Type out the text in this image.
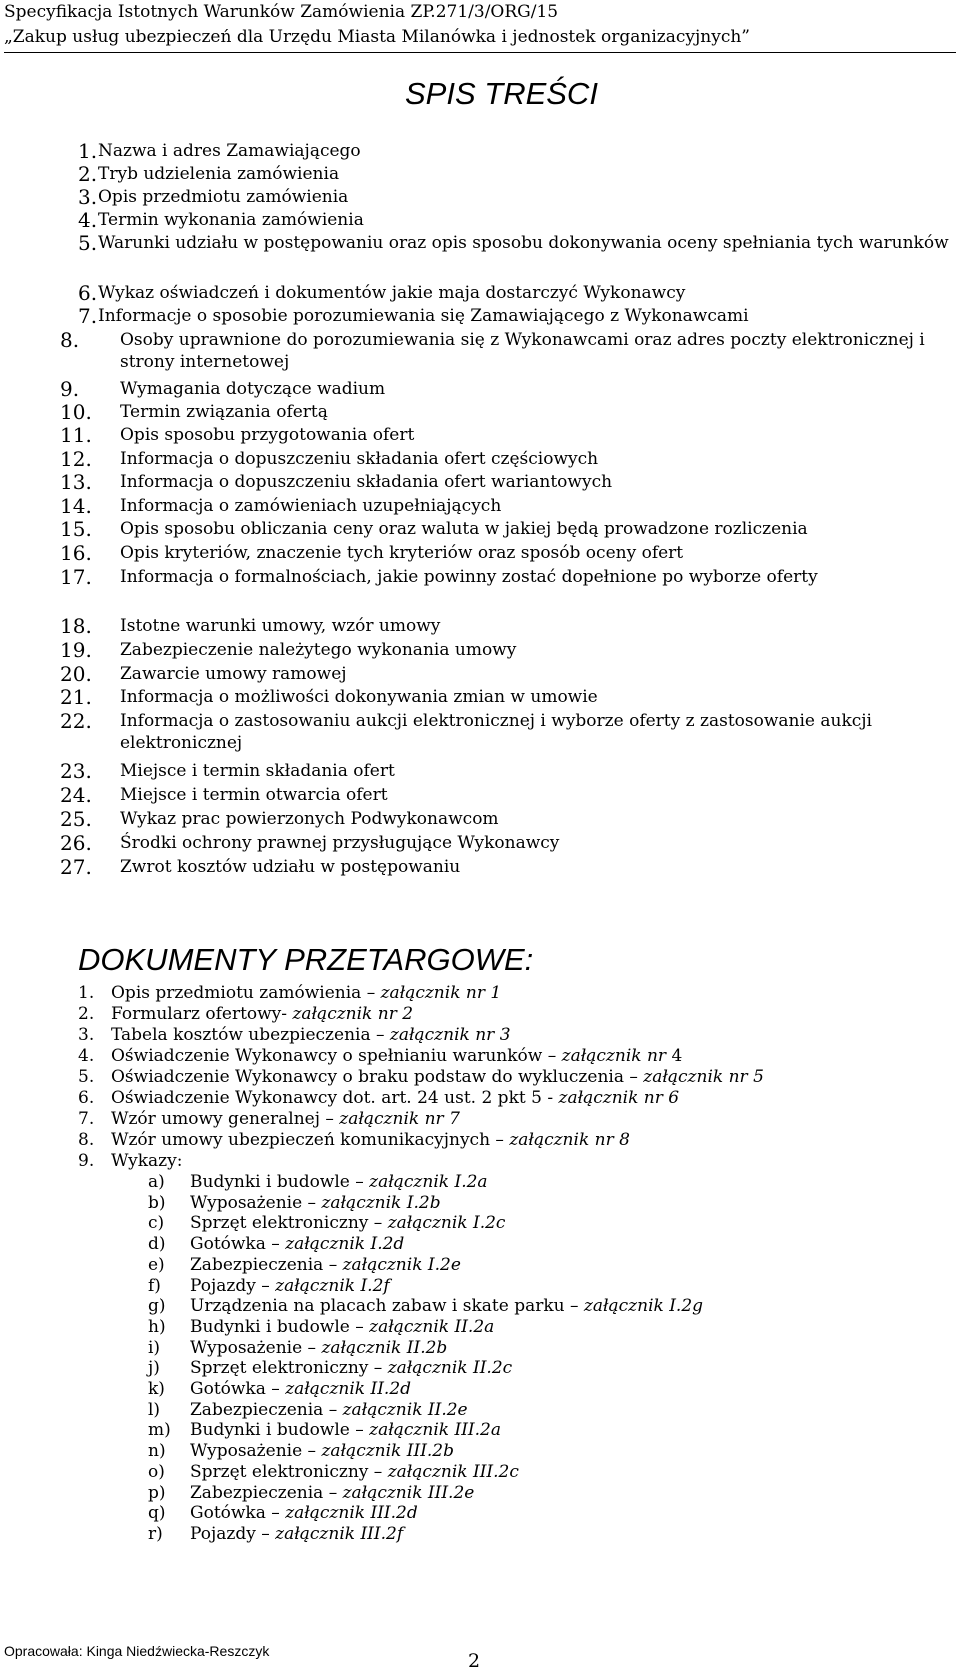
Specyfikacja Istotnych Warunków Zamówienia ZP.271/3/ORG/15
„Zakup usług ubezpieczeń dla Urzędu Miasta Milanówka i jednostek organizacyjnych”
SPIS TREŚCI
1. Nazwa i adres Zamawiającego
2. Tryb udzielenia zamówienia
3. Opis przedmiotu zamówienia
4. Termin wykonania zamówienia
5. Warunki udziału w postępowaniu oraz opis sposobu dokonywania oceny spełniania tych warunków
6. Wykaz oświadczeń i dokumentów jakie maja dostarczyć Wykonawcy
7. Informacje o sposobie porozumiewania się Zamawiającego z Wykonawcami
8. Osoby uprawnione do porozumiewania się z Wykonawcami oraz adres poczty elektronicznej i strony internetowej
9. Wymagania dotyczące wadium
10. Termin związania ofertą
11. Opis sposobu przygotowania ofert
12. Informacja o dopuszczeniu składania ofert częściowych
13. Informacja o dopuszczeniu składania ofert wariantowych
14. Informacja o zamówieniach uzupełniających
15. Opis sposobu obliczania ceny oraz waluta w jakiej będą prowadzone rozliczenia
16. Opis kryteriów, znaczenie tych kryteriów oraz sposób oceny ofert
17. Informacja o formalnościach, jakie powinny zostać dopełnione po wyborze oferty
18. Istotne warunki umowy, wzór umowy
19. Zabezpieczenie należytego wykonania umowy
20. Zawarcie umowy ramowej
21. Informacja o możliwości dokonywania zmian w umowie
22. Informacja o zastosowaniu aukcji elektronicznej i wyborze oferty z zastosowanie aukcji elektronicznej
23. Miejsce i termin składania ofert
24. Miejsce i termin otwarcia ofert
25. Wykaz prac powierzonych Podwykonawcom
26. Środki ochrony prawnej przysługujące Wykonawcy
27. Zwrot kosztów udziału w postępowaniu
DOKUMENTY PRZETARGOWE:
1. Opis przedmiotu zamówienia – załącznik nr 1
2. Formularz ofertowy- załącznik nr 2
3. Tabela kosztów ubezpieczenia – załącznik nr 3
4. Oświadczenie Wykonawcy o spełnianiu warunków – załącznik nr 4
5. Oświadczenie Wykonawcy o braku podstaw do wykluczenia – załącznik nr 5
6. Oświadczenie Wykonawcy dot. art. 24 ust. 2 pkt 5 - załącznik nr 6
7. Wzór umowy generalnej – załącznik nr 7
8. Wzór umowy ubezpieczeń komunikacyjnych – załącznik nr 8
9. Wykazy:
a) Budynki i budowle – załącznik I.2a
b) Wyposażenie – załącznik I.2b
c) Sprzęt elektroniczny – załącznik I.2c
d) Gotówka – załącznik I.2d
e) Zabezpieczenia – załącznik I.2e
f) Pojazdy – załącznik I.2f
g) Urządzenia na placach zabaw i skate parku – załącznik I.2g
h) Budynki i budowle – załącznik II.2a
i) Wyposażenie – załącznik II.2b
j) Sprzęt elektroniczny – załącznik II.2c
k) Gotówka – załącznik II.2d
l) Zabezpieczenia – załącznik II.2e
m) Budynki i budowle – załącznik III.2a
n) Wyposażenie – załącznik III.2b
o) Sprzęt elektroniczny – załącznik III.2c
p) Zabezpieczenia – załącznik III.2e
q) Gotówka – załącznik III.2d
r) Pojazdy – załącznik III.2f
Opracowała: Kinga Niedźwiecka-Reszczyk	2
